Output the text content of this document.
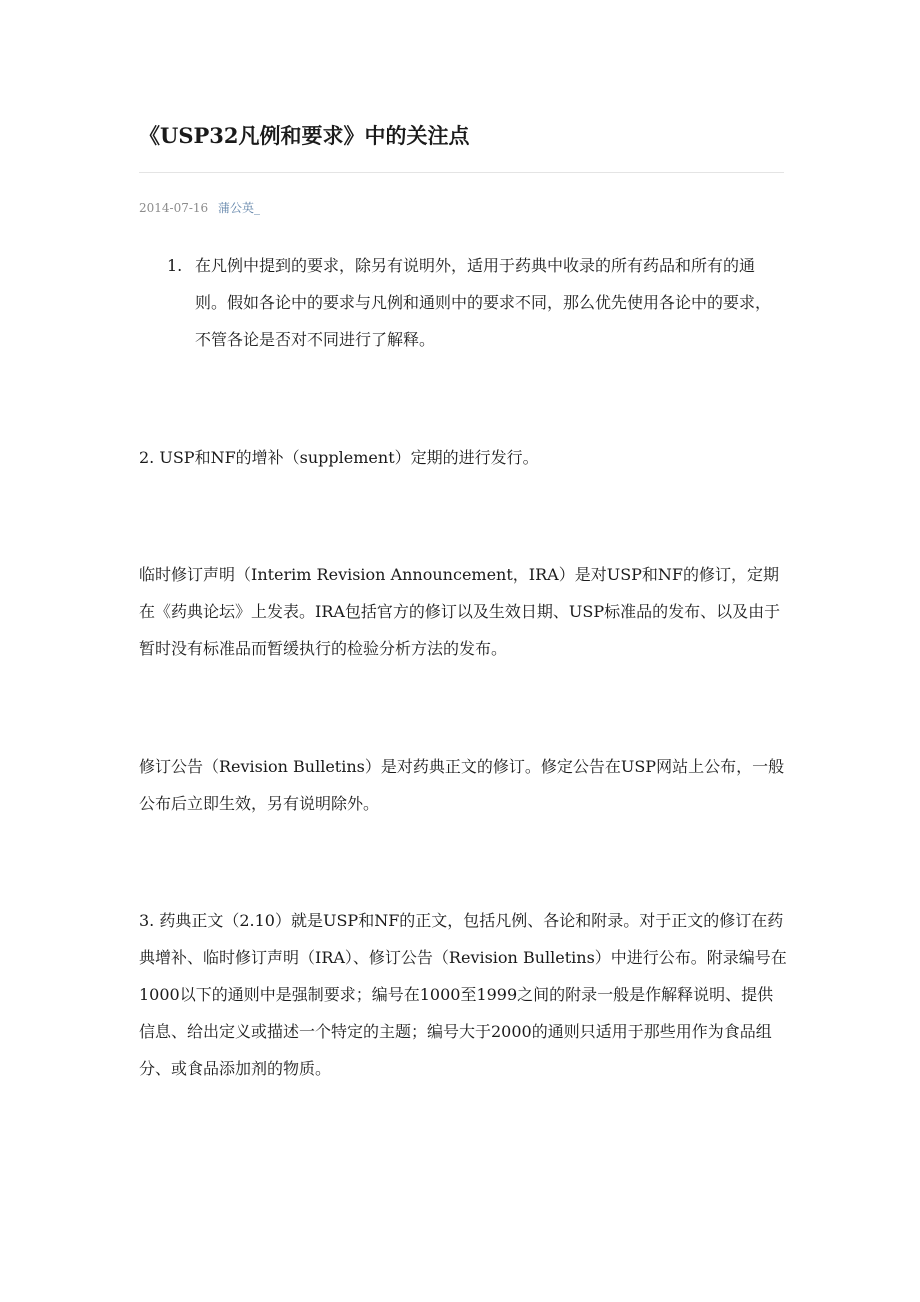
《USP32凡例和要求》中的关注点
2014-07-16 蒲公英_
1. 在凡例中提到的要求，除另有说明外，适用于药典中收录的所有药品和所有的通则。假如各论中的要求与凡例和通则中的要求不同，那么优先使用各论中的要求，不管各论是否对不同进行了解释。

2. USP和NF的增补（supplement）定期的进行发行。

临时修订声明（Interim Revision Announcement，IRA）是对USP和NF的修订，定期在《药典论坛》上发表。IRA包括官方的修订以及生效日期、USP标准品的发布、以及由于暂时没有标准品而暂缓执行的检验分析方法的发布。

修订公告（Revision Bulletins）是对药典正文的修订。修定公告在USP网站上公布，一般公布后立即生效，另有说明除外。

3. 药典正文（2.10）就是USP和NF的正文，包括凡例、各论和附录。对于正文的修订在药典增补、临时修订声明（IRA）、修订公告（Revision Bulletins）中进行公布。附录编号在1000以下的通则中是强制要求；编号在1000至1999之间的附录一般是作解释说明、提供信息、给出定义或描述一个特定的主题；编号大于2000的通则只适用于那些用作为食品组分、或食品添加剂的物质。
